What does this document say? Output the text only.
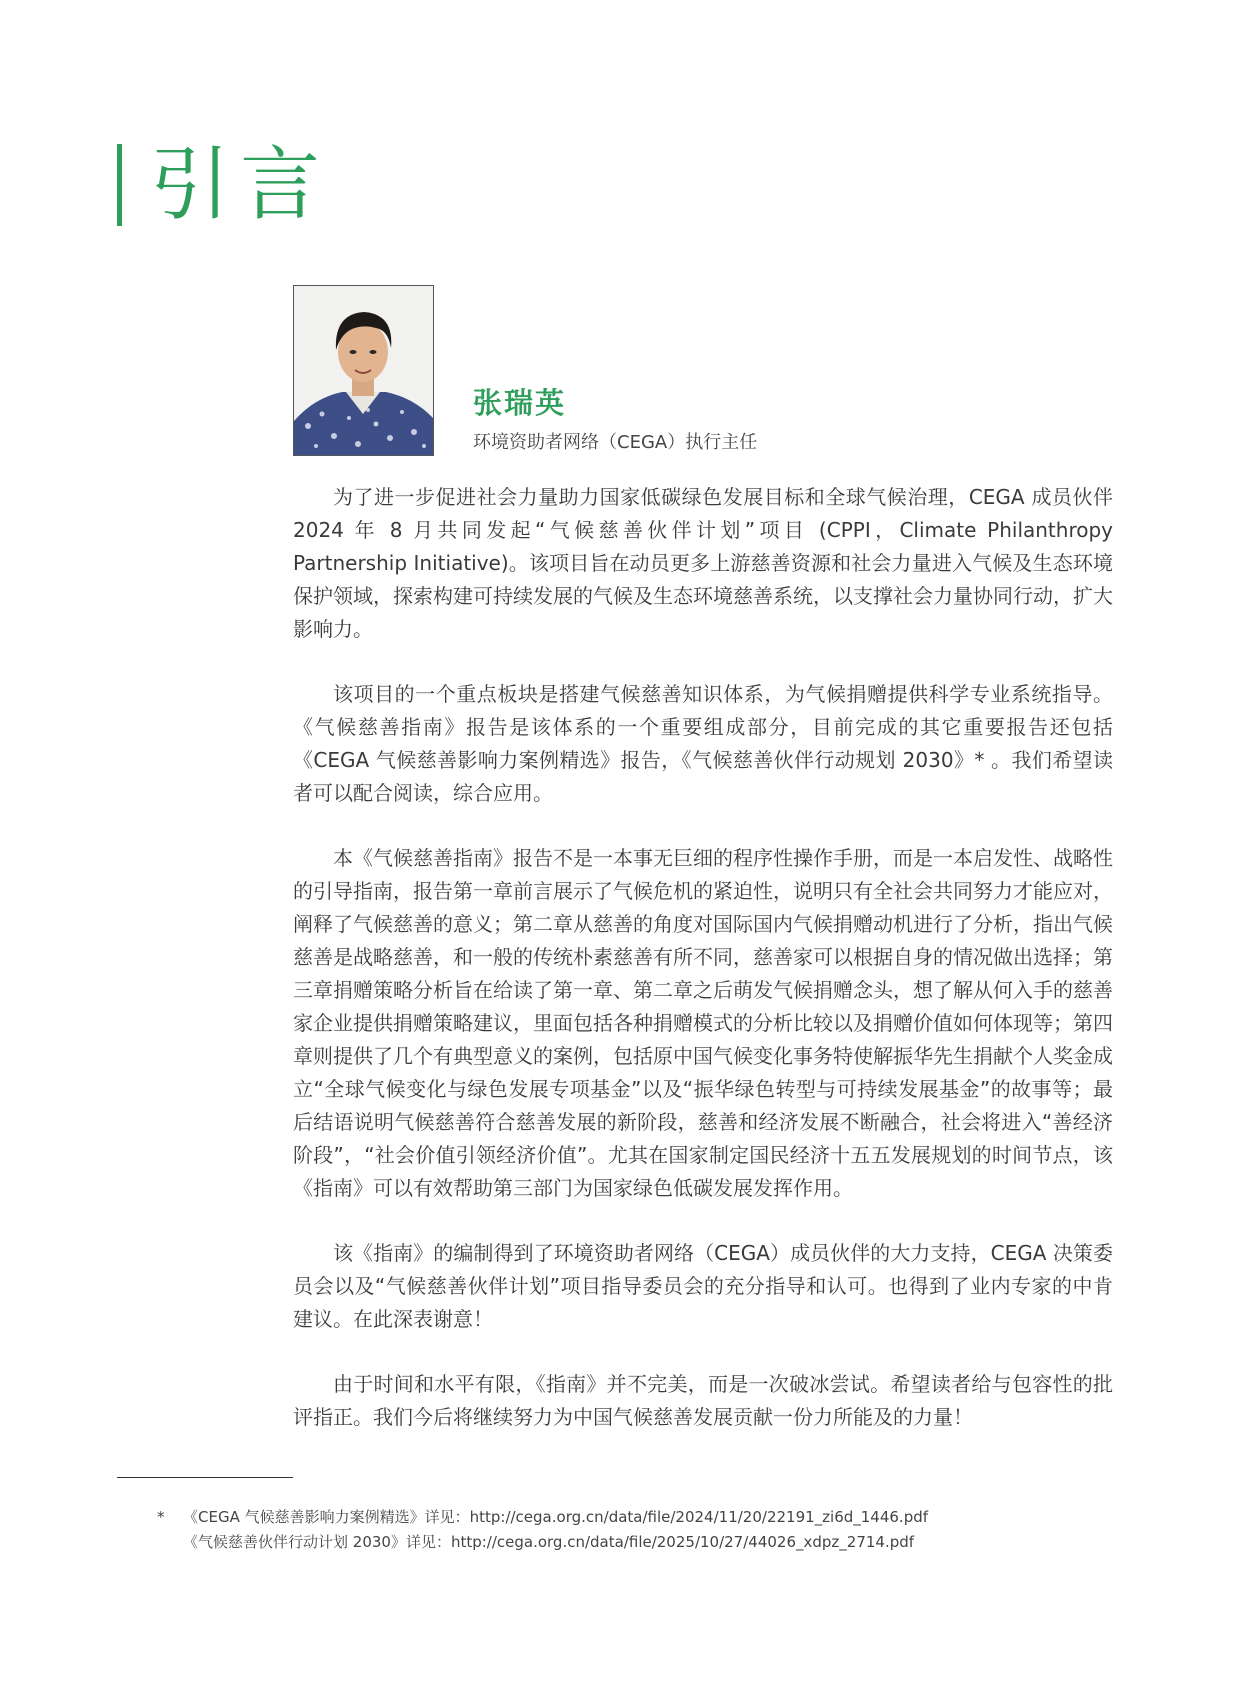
引言
张瑞英
环境资助者网络（CEGA）执行主任

为了进一步促进社会力量助力国家低碳绿色发展目标和全球气候治理，CEGA 成员伙伴 2024 年 8 月共同发起“气候慈善伙伴计划”项目 (CPPI，Climate Philanthropy Partnership Initiative)。该项目旨在动员更多上游慈善资源和社会力量进入气候及生态环境保护领域，探索构建可持续发展的气候及生态环境慈善系统，以支撑社会力量协同行动，扩大影响力。

该项目的一个重点板块是搭建气候慈善知识体系，为气候捐赠提供科学专业系统指导。《气候慈善指南》报告是该体系的一个重要组成部分，目前完成的其它重要报告还包括《CEGA 气候慈善影响力案例精选》报告，《气候慈善伙伴行动规划 2030》* 。我们希望读者可以配合阅读，综合应用。

本《气候慈善指南》报告不是一本事无巨细的程序性操作手册，而是一本启发性、战略性的引导指南，报告第一章前言展示了气候危机的紧迫性，说明只有全社会共同努力才能应对，阐释了气候慈善的意义；第二章从慈善的角度对国际国内气候捐赠动机进行了分析，指出气候慈善是战略慈善，和一般的传统朴素慈善有所不同，慈善家可以根据自身的情况做出选择；第三章捐赠策略分析旨在给读了第一章、第二章之后萌发气候捐赠念头，想了解从何入手的慈善家企业提供捐赠策略建议，里面包括各种捐赠模式的分析比较以及捐赠价值如何体现等；第四章则提供了几个有典型意义的案例，包括原中国气候变化事务特使解振华先生捐献个人奖金成立“全球气候变化与绿色发展专项基金”以及“振华绿色转型与可持续发展基金”的故事等；最后结语说明气候慈善符合慈善发展的新阶段，慈善和经济发展不断融合，社会将进入“善经济阶段”，“社会价值引领经济价值”。尤其在国家制定国民经济十五五发展规划的时间节点，该《指南》可以有效帮助第三部门为国家绿色低碳发展发挥作用。

该《指南》的编制得到了环境资助者网络（CEGA）成员伙伴的大力支持，CEGA 决策委员会以及“气候慈善伙伴计划”项目指导委员会的充分指导和认可。也得到了业内专家的中肯建议。在此深表谢意！

由于时间和水平有限，《指南》并不完美，而是一次破冰尝试。希望读者给与包容性的批评指正。我们今后将继续努力为中国气候慈善发展贡献一份力所能及的力量！

*	《CEGA 气候慈善影响力案例精选》详见：http://cega.org.cn/data/file/2024/11/20/22191_zi6d_1446.pdf
《气候慈善伙伴行动计划 2030》详见：http://cega.org.cn/data/file/2025/10/27/44026_xdpz_2714.pdf
